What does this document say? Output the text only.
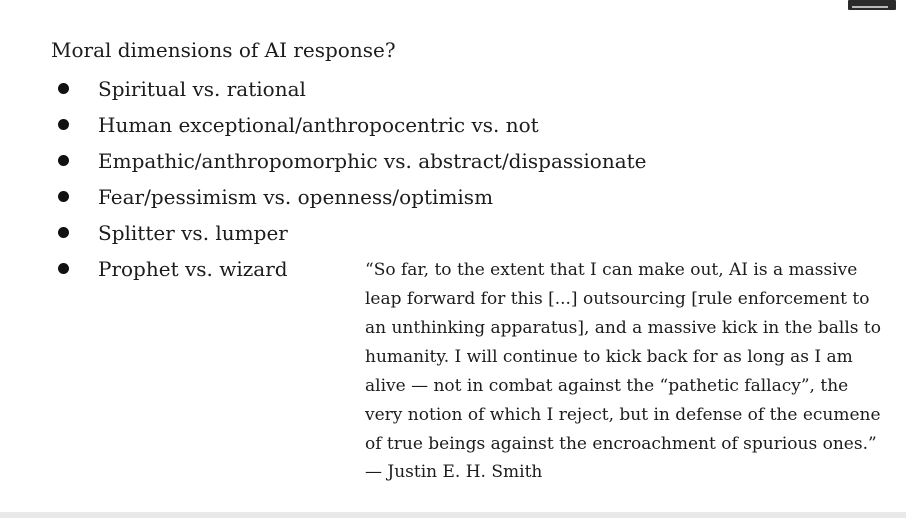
Moral dimensions of AI response?
Spiritual vs. rational
Human exceptional/anthropocentric vs. not
Empathic/anthropomorphic vs. abstract/dispassionate
Fear/pessimism vs. openness/optimism
Splitter vs. lumper
Prophet vs. wizard	“So far, to the extent that I can make out, AI is a massive
leap forward for this [...] outsourcing [rule enforcement to
an unthinking apparatus], and a massive kick in the balls to
humanity. I will continue to kick back for as long as I am
alive — not in combat against the “pathetic fallacy”, the
very notion of which I reject, but in defense of the ecumene
of true beings against the encroachment of spurious ones.”
— Justin E. H. Smith
